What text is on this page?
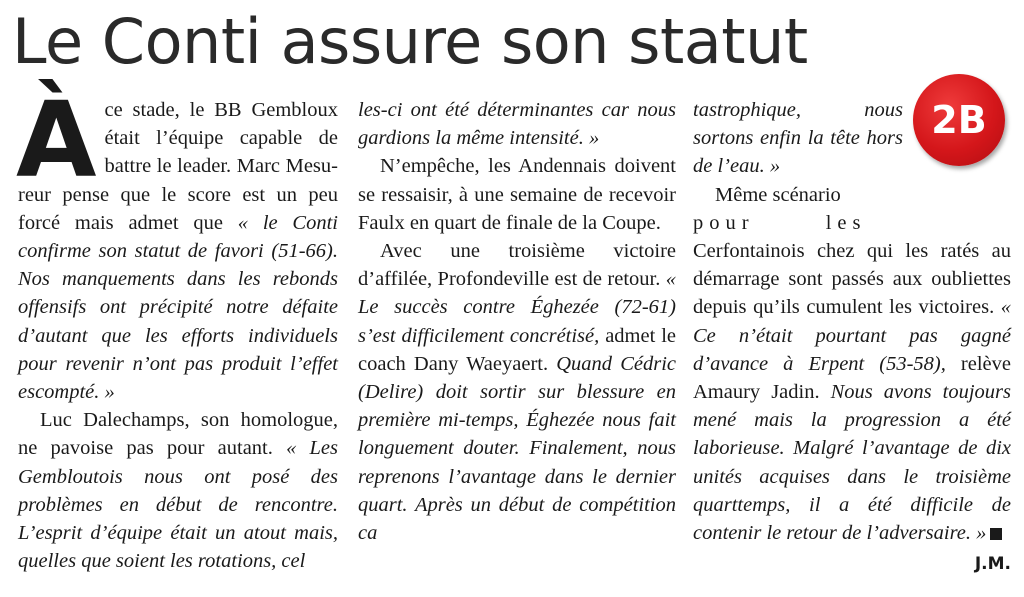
Le Conti assure son statut

À ce stade, le BB Gembloux était l’équipe capable de battre le leader. Marc Mesureur pense que le score est un peu forcé mais admet que « le Conti confirme son statut de favori (51-66). Nos manquements dans les rebonds offensifs ont précipité notre défaite d’autant que les efforts individuels pour revenir n’ont pas produit l’effet escompté. »

Luc Dalechamps, son homologue, ne pavoise pas pour autant. « Les Gembloutois nous ont posé des problèmes en début de rencontre. L’esprit d’équipe était un atout mais, quelles que soient les rotations, cel

les-ci ont été déterminantes car nous gardions la même intensité. »

N’empêche, les Andennais doivent se ressaisir, à une semaine de recevoir Faulx en quart de finale de la Coupe.

Avec une troisième victoire d’affilée, Profondeville est de retour. « Le succès contre Éghezée (72-61) s’est difficilement concrétisé, admet le coach Dany Waeyaert. Quand Cédric (Delire) doit sortir sur blessure en première mi-temps, Éghezée nous fait longuement douter. Finalement, nous reprenons l’avantage dans le dernier quart. Après un début de compétition ca

2B

tastrophique, nous sortons enfin la tête hors de l’eau. »

Même scénario
pour les
Cerfontainois chez qui les ratés au démarrage sont passés aux oubliettes depuis qu’ils cumulent les victoires. « Ce n’était pourtant pas gagné d’avance à Erpent (53-58), relève Amaury Jadin. Nous avons toujours mené mais la progression a été laborieuse. Malgré l’avantage de dix unités acquises dans le troisième quarttemps, il a été difficile de contenir le retour de l’adversaire. »
J.M.
